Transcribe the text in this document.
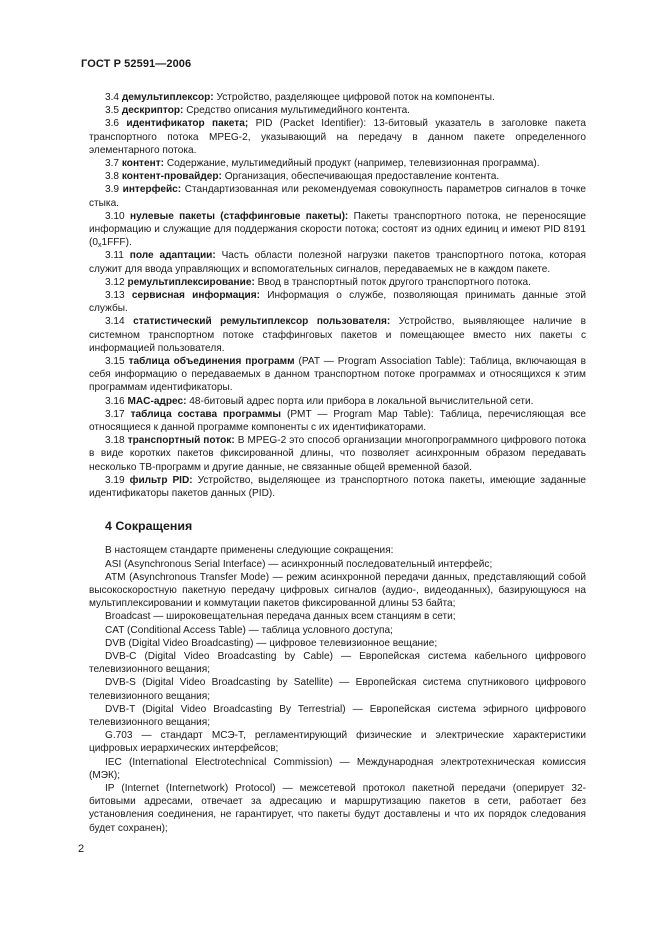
ГОСТ Р 52591—2006

3.4 демультиплексор: Устройство, разделяющее цифровой поток на компоненты.

3.5 дескриптор: Средство описания мультимедийного контента.

3.6 идентификатор пакета; PID (Packet Identifier): 13-битовый указатель в заголовке пакета транспортного потока MPEG-2, указывающий на передачу в данном пакете определенного элементарного потока.

3.7 контент: Содержание, мультимедийный продукт (например, телевизионная программа).

3.8 контент-провайдер: Организация, обеспечивающая предоставление контента.

3.9 интерфейс: Стандартизованная или рекомендуемая совокупность параметров сигналов в точке стыка.

3.10 нулевые пакеты (стаффинговые пакеты): Пакеты транспортного потока, не переносящие информацию и служащие для поддержания скорости потока; состоят из одних единиц и имеют PID 8191 $(0_x1FFF)$.

3.11 поле адаптации: Часть области полезной нагрузки пакетов транспортного потока, которая служит для ввода управляющих и вспомогательных сигналов, передаваемых не в каждом пакете.

3.12 ремультиплексирование: Ввод в транспортный поток другого транспортного потока.

3.13 сервисная информация: Информация о службе, позволяющая принимать данные этой службы.

3.14 статистический ремультиплексор пользователя: Устройство, выявляющее наличие в системном транспортном потоке стаффинговых пакетов и помещающее вместо них пакеты с информацией пользователя.

3.15 таблица объединения программ (PAT — Program Association Table): Таблица, включающая в себя информацию о передаваемых в данном транспортном потоке программах и относящихся к этим программам идентификаторы.

3.16 MAC-адрес: 48-битовый адрес порта или прибора в локальной вычислительной сети.

3.17 таблица состава программы (PMT — Program Map Table): Таблица, перечисляющая все относящиеся к данной программе компоненты с их идентификаторами.

3.18 транспортный поток: В MPEG-2 это способ организации многопрограммного цифрового потока в виде коротких пакетов фиксированной длины, что позволяет асинхронным образом передавать несколько ТВ-программ и другие данные, не связанные общей временной базой.

3.19 фильтр PID: Устройство, выделяющее из транспортного потока пакеты, имеющие заданные идентификаторы пакетов данных (PID).

4 Сокращения

В настоящем стандарте применены следующие сокращения:

ASI (Asynchronous Serial Interface) — асинхронный последовательный интерфейс;

ATM (Asynchronous Transfer Mode) — режим асинхронной передачи данных, представляющий собой высокоскоростную пакетную передачу цифровых сигналов (аудио-, видеоданных), базирующуюся на мультиплексировании и коммутации пакетов фиксированной длины 53 байта;

Broadcast — широковещательная передача данных всем станциям в сети;

CAT (Conditional Access Table) — таблица условного доступа;

DVB (Digital Video Broadcasting) — цифровое телевизионное вещание;

DVB-C (Digital Video Broadcasting by Cable) — Европейская система кабельного цифрового телевизионного вещания;

DVB-S (Digital Video Broadcasting by Satellite) — Европейская система спутникового цифрового телевизионного вещания;

DVB-T (Digital Video Broadcasting By Terrestrial) — Европейская система эфирного цифрового телевизионного вещания;

G.703 — стандарт МСЭ-Т, регламентирующий физические и электрические характеристики цифровых иерархических интерфейсов;

IEC (International Electrotechnical Commission) — Международная электротехническая комиссия (МЭК);

IP (Internet (Internetwork) Protocol) — межсетевой протокол пакетной передачи (оперирует 32-битовыми адресами, отвечает за адресацию и маршрутизацию пакетов в сети, работает без установления соединения, не гарантирует, что пакеты будут доставлены и что их порядок следования будет сохранен);

2
